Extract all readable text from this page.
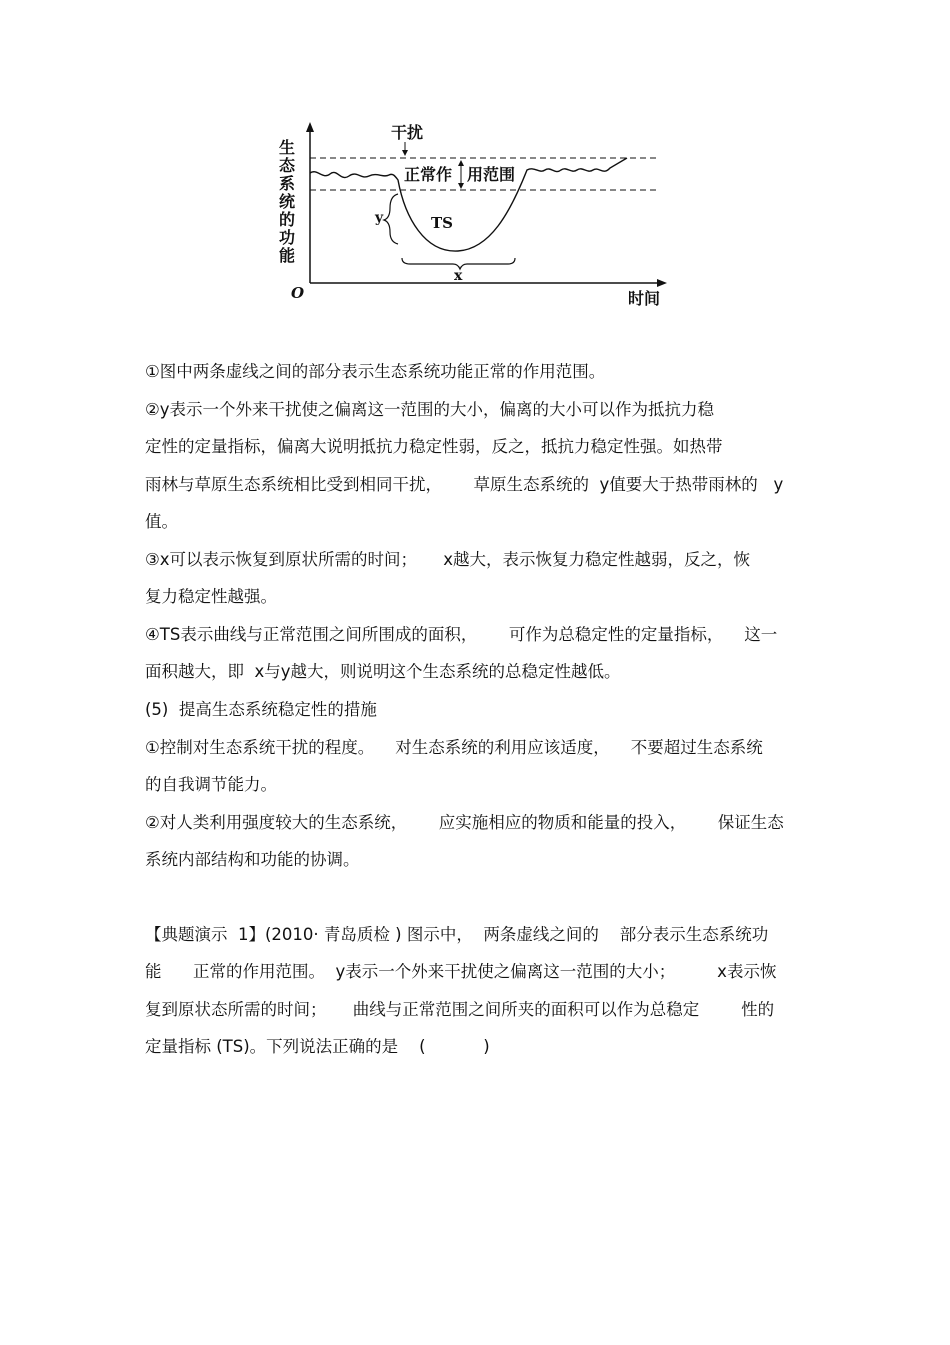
生
态
系
统
的
功
能
O	时间
干扰
正常作 用范围
TS
y
x
①图中两条虚线之间的部分表示生态系统功能正常的作用范围。
②y表示一个外来干扰使之偏离这一范围的大小，偏离的大小可以作为抵抗力稳
定性的定量指标，偏离大说明抵抗力稳定性弱，反之，抵抗力稳定性强。如热带
雨林与草原生态系统相比受到相同干扰，      草原生态系统的  y值要大于热带雨林的   y
值。
③x可以表示恢复到原状所需的时间；     x越大，表示恢复力稳定性越弱，反之，恢
复力稳定性越强。
④TS表示曲线与正常范围之间所围成的面积，      可作为总稳定性的定量指标，    这一
面积越大，即  x与y越大，则说明这个生态系统的总稳定性越低。
(5)  提高生态系统稳定性的措施
①控制对生态系统干扰的程度。    对生态系统的利用应该适度，    不要超过生态系统
的自我调节能力。
②对人类利用强度较大的生态系统，      应实施相应的物质和能量的投入，      保证生态
系统内部结构和功能的协调。
【典题演示  1】(2010· 青岛质检 ) 图示中，  两条虚线之间的    部分表示生态系统功
能      正常的作用范围。  y表示一个外来干扰使之偏离这一范围的大小；        x表示恢
复到原状态所需的时间；     曲线与正常范围之间所夹的面积可以作为总稳定        性的
定量指标 (TS)。下列说法正确的是    (           )
